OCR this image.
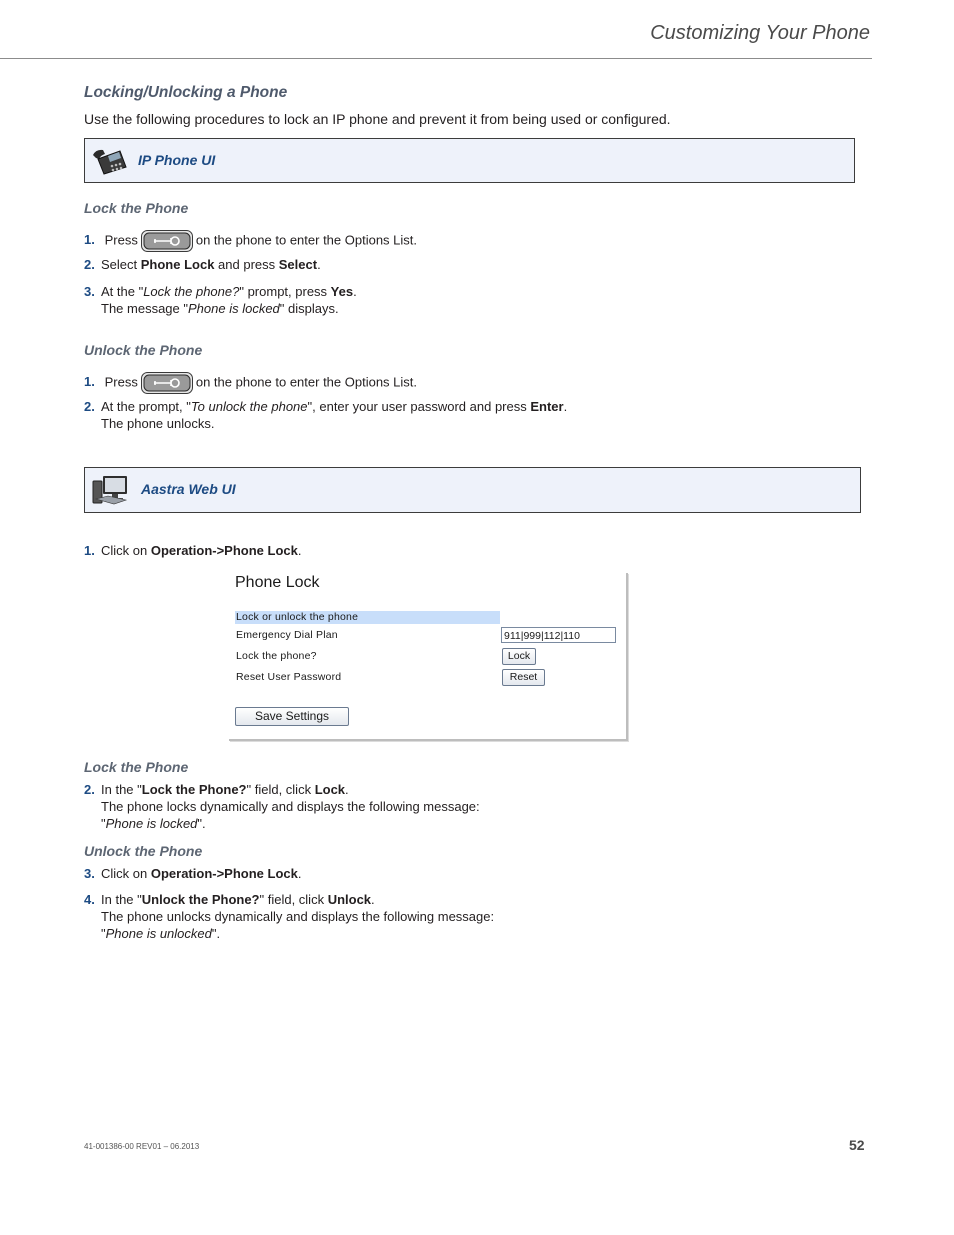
Customizing Your Phone
Locking/Unlocking a Phone
Use the following procedures to lock an IP phone and prevent it from being used or configured.
IP Phone UI
Lock the Phone
1. Press	on the phone to enter the Options List.
2. Select Phone Lock and press Select.
3. At the "Lock the phone?" prompt, press Yes.
The message "Phone is locked" displays.
Unlock the Phone
1. Press	on the phone to enter the Options List.
2. At the prompt, "To unlock the phone", enter your user password and press Enter.
The phone unlocks.
Aastra Web UI
1. Click on Operation->Phone Lock.
Phone Lock
Lock or unlock the phone
Emergency Dial Plan	911|999|112|110
Lock the phone?	Lock
Reset User Password	Reset
Save Settings
Lock the Phone
2. In the "Lock the Phone?" field, click Lock.
The phone locks dynamically and displays the following message:
"Phone is locked".
Unlock the Phone
3. Click on Operation->Phone Lock.
4. In the "Unlock the Phone?" field, click Unlock.
The phone unlocks dynamically and displays the following message:
"Phone is unlocked".
41-001386-00 REV01 – 06.2013	52
